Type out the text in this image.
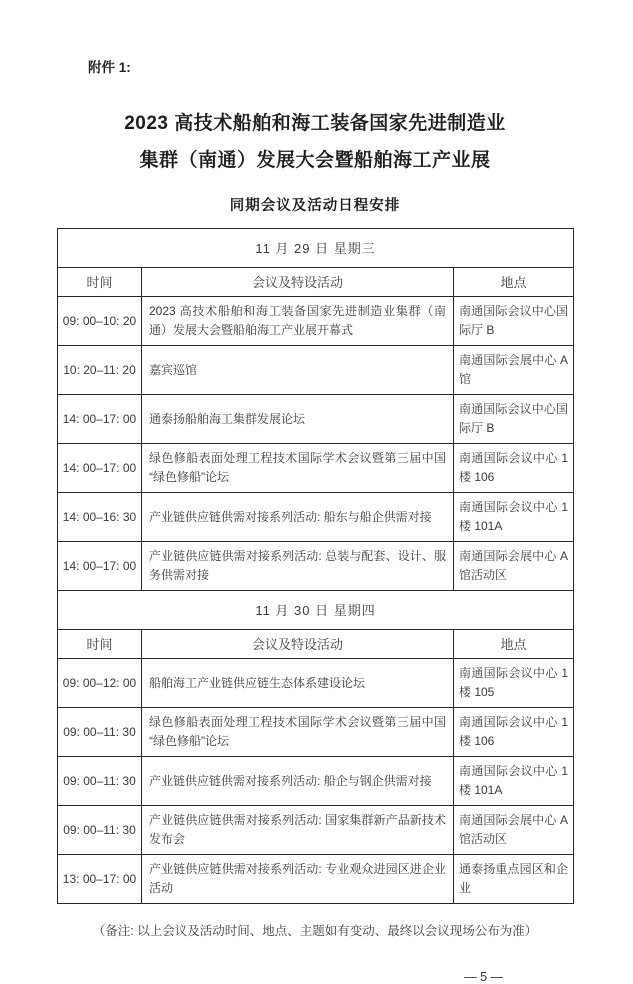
附件 1:
2023 高技术船舶和海工装备国家先进制造业
集群（南通）发展大会暨船舶海工产业展
同期会议及活动日程安排
11 月 29 日 星期三		
时间	会议及特设活动	地点
09: 00–10: 20	2023 高技术船舶和海工装备国家先进制造业集群（南通）发展大会暨船舶海工产业展开幕式	南通国际会议中心国际厅 B
10: 20–11: 20	嘉宾巡馆	南通国际会展中心 A 馆
14: 00–17: 00	通泰扬船舶海工集群发展论坛	南通国际会议中心国际厅 B
14: 00–17: 00	绿色修船表面处理工程技术国际学术会议暨第三届中国“绿色修船”论坛	南通国际会议中心 1 楼 106
14: 00–16: 30	产业链供应链供需对接系列活动: 船东与船企供需对接	南通国际会议中心 1 楼 101A
14: 00–17: 00	产业链供应链供需对接系列活动: 总装与配套、设计、服务供需对接	南通国际会展中心 A 馆活动区
11 月 30 日 星期四		
时间	会议及特设活动	地点
09: 00–12: 00	船舶海工产业链供应链生态体系建设论坛	南通国际会议中心 1 楼 105
09: 00–11: 30	绿色修船表面处理工程技术国际学术会议暨第三届中国“绿色修船”论坛	南通国际会议中心 1 楼 106
09: 00–11: 30	产业链供应链供需对接系列活动: 船企与钢企供需对接	南通国际会议中心 1 楼 101A
09: 00–11: 30	产业链供应链供需对接系列活动: 国家集群新产品新技术发布会	南通国际会展中心 A 馆活动区
13: 00–17: 00	产业链供应链供需对接系列活动: 专业观众进园区进企业活动	通泰扬重点园区和企业
（备注: 以上会议及活动时间、地点、主题如有变动、最终以会议现场公布为准）
— 5 —
